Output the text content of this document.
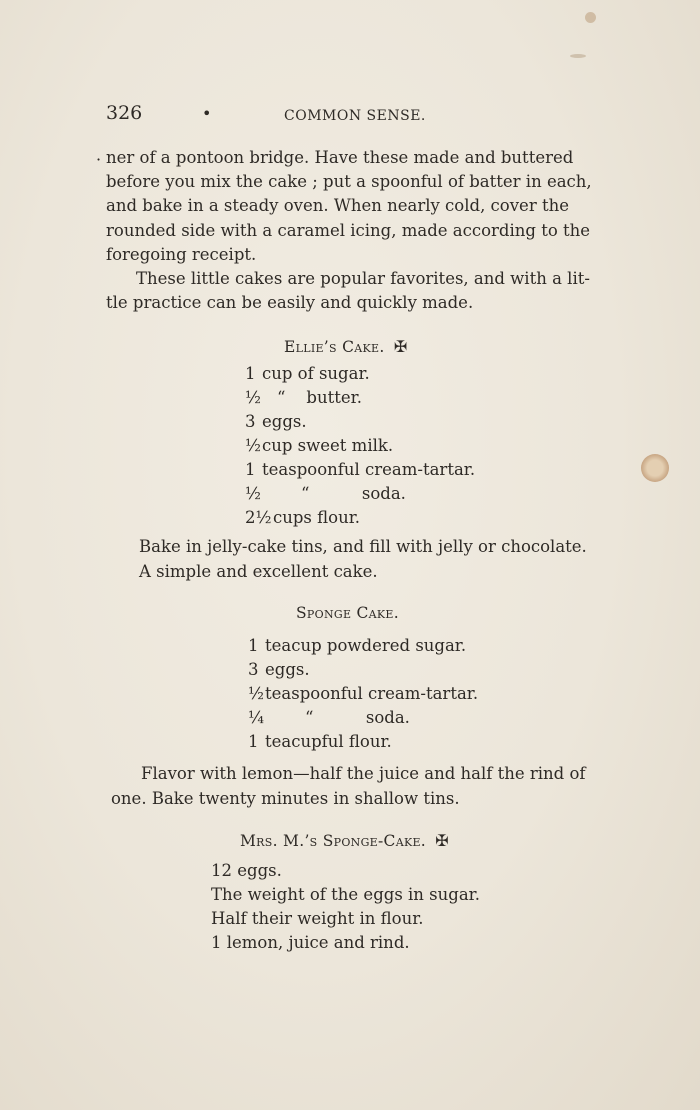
326	•	COMMON SENSE.
· ner of a pontoon bridge. Have these made and buttered
before you mix the cake ; put a spoonful of batter in each,
and bake in a steady oven. When nearly cold, cover the
rounded side with a caramel icing, made according to the
foregoing receipt.
These little cakes are popular favorites, and with a lit-
tle practice can be easily and quickly made.
Ellie’s Cake. ✠
1 cup of sugar.
½ “    butter.
3 eggs.
½ cup sweet milk.
1 teaspoonful cream-tartar.
½	“          soda.
2½ cups flour.
Bake in jelly-cake tins, and fill with jelly or chocolate.
A simple and excellent cake.
Sponge Cake.
1 teacup powdered sugar.
3 eggs.
½ teaspoonful cream-tartar.
¼	“          soda.
1 teacupful flour.
Flavor with lemon—half the juice and half the rind of
one. Bake twenty minutes in shallow tins.
Mrs. M.’s Sponge-Cake. ✠
12 eggs.
The weight of the eggs in sugar.
Half their weight in flour.
1 lemon, juice and rind.
